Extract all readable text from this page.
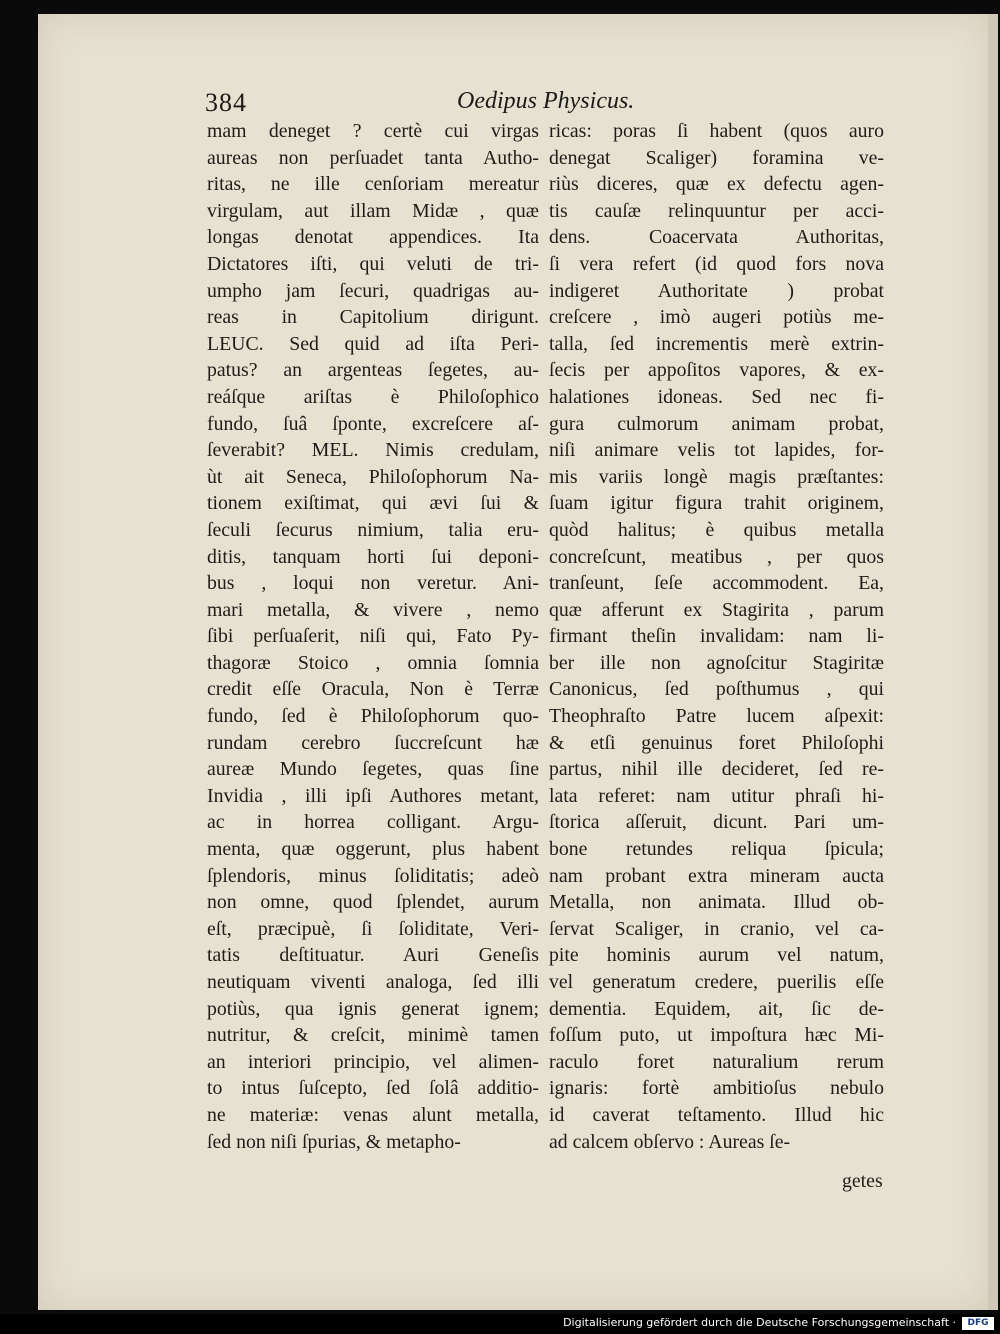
384	Oedipus Physicus.
mam deneget ? certè cui virgas
aureas non perſuadet tanta Autho-
ritas, ne ille cenſoriam mereatur
virgulam, aut illam Midæ , quæ
longas denotat appendices. Ita
Dictatores iſti, qui veluti de tri-
umpho jam ſecuri, quadrigas au-
reas in Capitolium dirigunt.
LEUC. Sed quid ad iſta Peri-
patus? an argenteas ſegetes, au-
reáſque ariſtas è Philoſophico
fundo, ſuâ ſponte, excreſcere aſ-
ſeverabit? MEL. Nimis credulam,
ùt ait Seneca, Philoſophorum Na-
tionem exiſtimat, qui ævi ſui &
ſeculi ſecurus nimium, talia eru-
ditis, tanquam horti ſui deponi-
bus , loqui non veretur. Ani-
mari metalla, & vivere , nemo
ſibi perſuaſerit, niſi qui, Fato Py-
thagoræ Stoico , omnia ſomnia
credit eſſe Oracula, Non è Terræ
fundo, ſed è Philoſophorum quo-
rundam cerebro ſuccreſcunt hæ
aureæ Mundo ſegetes, quas ſine
Invidia , illi ipſi Authores metant,
ac in horrea colligant. Argu-
menta, quæ oggerunt, plus habent
ſplendoris, minus ſoliditatis; adeò
non omne, quod ſplendet, aurum
eſt, præcipuè, ſi ſoliditate, Veri-
tatis deſtituatur. Auri Geneſis
neutiquam viventi analoga, ſed illi
potiùs, qua ignis generat ignem;
nutritur, & creſcit, minimè tamen
an interiori principio, vel alimen-
to intus ſuſcepto, ſed ſolâ additio-
ne materiæ: venas alunt metalla,
ſed non niſi ſpurias, & metapho-
ricas: poras ſi habent (quos auro
denegat Scaliger) foramina ve-
riùs diceres, quæ ex defectu agen-
tis cauſæ relinquuntur per acci-
dens. Coacervata Authoritas,
ſi vera refert (id quod fors nova
indigeret Authoritate ) probat
creſcere , imò augeri potiùs me-
talla, ſed incrementis merè extrin-
ſecis per appoſitos vapores, & ex-
halationes idoneas. Sed nec fi-
gura culmorum animam probat,
niſi animare velis tot lapides, for-
mis variis longè magis præſtantes:
ſuam igitur figura trahit originem,
quòd halitus; è quibus metalla
concreſcunt, meatibus , per quos
tranſeunt, ſeſe accommodent. Ea,
quæ afferunt ex Stagirita , parum
firmant theſin invalidam: nam li-
ber ille non agnoſcitur Stagiritæ
Canonicus, ſed poſthumus , qui
Theophraſto Patre lucem aſpexit:
& etſi genuinus foret Philoſophi
partus, nihil ille decideret, ſed re-
lata referet: nam utitur phraſi hi-
ſtorica aſſeruit, dicunt. Pari um-
bone retundes reliqua ſpicula;
nam probant extra mineram aucta
Metalla, non animata. Illud ob-
ſervat Scaliger, in cranio, vel ca-
pite hominis aurum vel natum,
vel generatum credere, puerilis eſſe
dementia. Equidem, ait, ſic de-
foſſum puto, ut impoſtura hæc Mi-
raculo foret naturalium rerum
ignaris: fortè ambitioſus nebulo
id caverat teſtamento. Illud hic
ad calcem obſervo : Aureas ſe-
getes
Digitalisierung gefördert durch die Deutsche Forschungsgemeinschaft ·	DFG
